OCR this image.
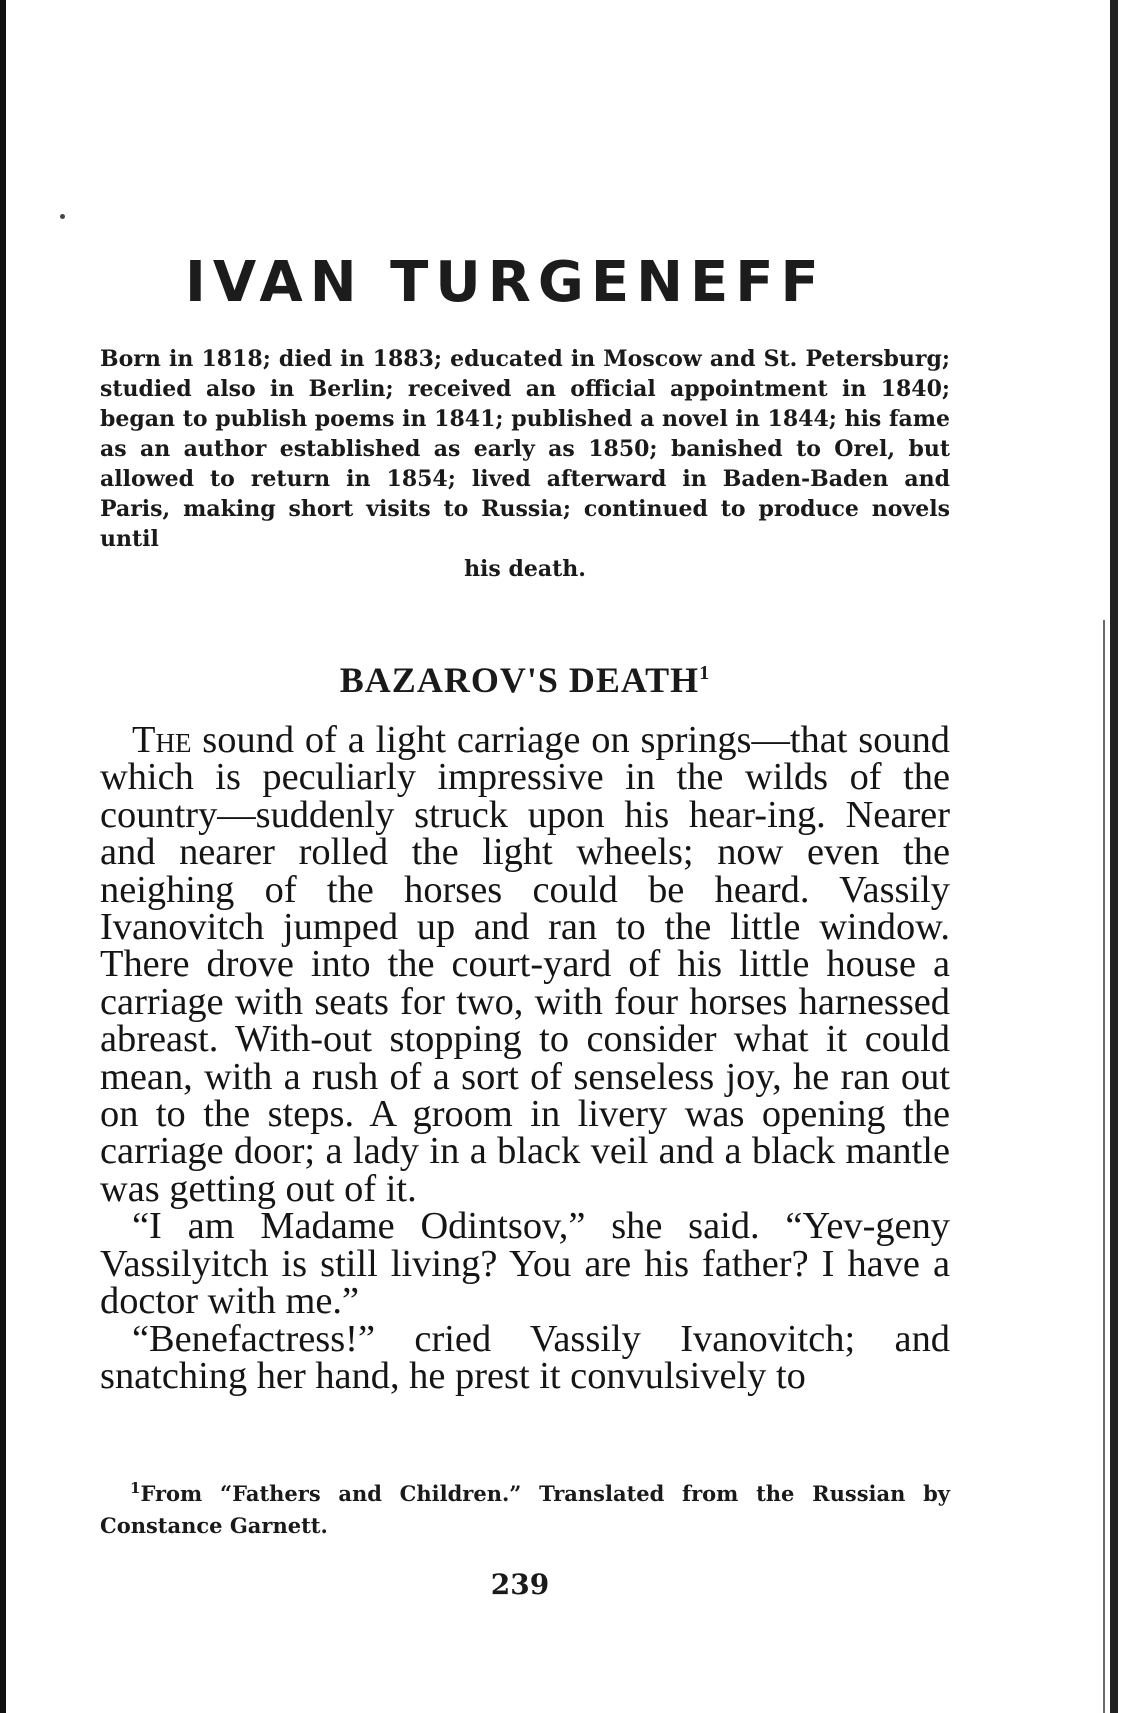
IVAN TURGENEFF

Born in 1818; died in 1883; educated in Moscow and St. Petersburg; studied also in Berlin; received an official appointment in 1840; began to publish poems in 1841; published a novel in 1844; his fame as an author established as early as 1850; banished to Orel, but allowed to return in 1854; lived afterward in Baden-Baden and Paris, making short visits to Russia; continued to produce novels until
his death.

BAZAROV'S DEATH$^1$

The sound of a light carriage on springs—that sound which is peculiarly impressive in the wilds of the country—suddenly struck upon his hear-ing. Nearer and nearer rolled the light wheels; now even the neighing of the horses could be heard. Vassily Ivanovitch jumped up and ran to the little window. There drove into the court-yard of his little house a carriage with seats for two, with four horses harnessed abreast. With-out stopping to consider what it could mean, with a rush of a sort of senseless joy, he ran out on to the steps. A groom in livery was opening the carriage door; a lady in a black veil and a black mantle was getting out of it.

“I am Madame Odintsov,” she said. “Yev-geny Vassilyitch is still living? You are his father? I have a doctor with me.”

“Benefactress!” cried Vassily Ivanovitch; and snatching her hand, he prest it convulsively to

$^1$From “Fathers and Children.” Translated from the Russian by Constance Garnett.

239
